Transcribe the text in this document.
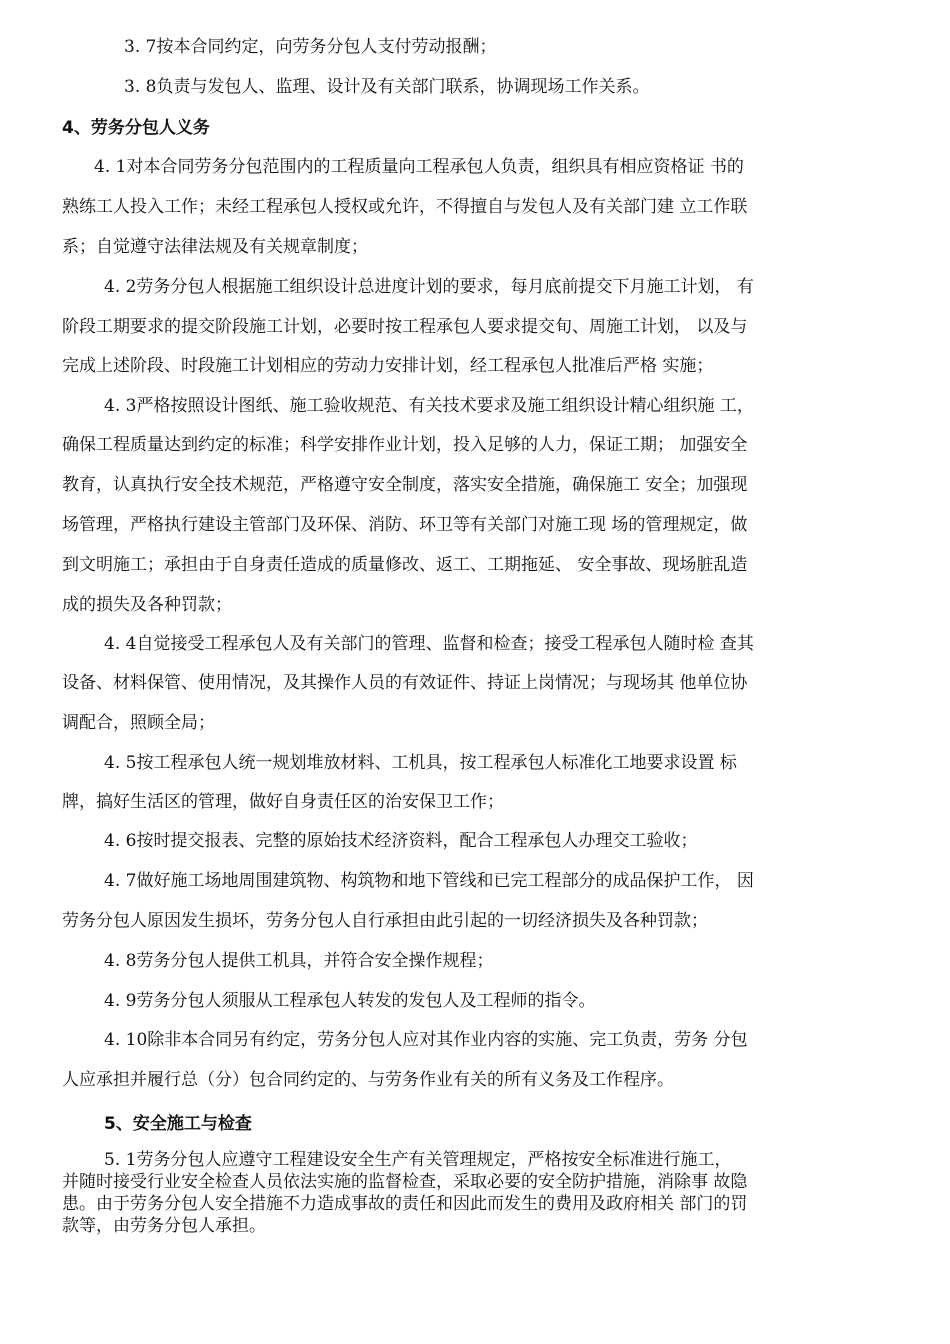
3. 7按本合同约定，向劳务分包人支付劳动报酬；
3. 8负责与发包人、监理、设计及有关部门联系，协调现场工作关系。
4、劳务分包人义务
4. 1对本合同劳务分包范围内的工程质量向工程承包人负责，组织具有相应资格证 书的
熟练工人投入工作；未经工程承包人授权或允许，不得擅自与发包人及有关部门建 立工作联
系；自觉遵守法律法规及有关规章制度；
4. 2劳务分包人根据施工组织设计总进度计划的要求，每月底前提交下月施工计划， 有
阶段工期要求的提交阶段施工计划，必要时按工程承包人要求提交旬、周施工计划， 以及与
完成上述阶段、时段施工计划相应的劳动力安排计划，经工程承包人批准后严格 实施；
4. 3严格按照设计图纸、施工验收规范、有关技术要求及施工组织设计精心组织施 工，
确保工程质量达到约定的标准；科学安排作业计划，投入足够的人力，保证工期； 加强安全
教育，认真执行安全技术规范，严格遵守安全制度，落实安全措施，确保施工 安全；加强现
场管理，严格执行建设主管部门及环保、消防、环卫等有关部门对施工现 场的管理规定，做
到文明施工；承担由于自身责任造成的质量修改、返工、工期拖延、 安全事故、现场脏乱造
成的损失及各种罚款；
4. 4自觉接受工程承包人及有关部门的管理、监督和检查；接受工程承包人随时检 查其
设备、材料保管、使用情况，及其操作人员的有效证件、持证上岗情况；与现场其 他单位协
调配合，照顾全局；
4. 5按工程承包人统一规划堆放材料、工机具，按工程承包人标准化工地要求设置 标
牌，搞好生活区的管理，做好自身责任区的治安保卫工作；
4. 6按时提交报表、完整的原始技术经济资料，配合工程承包人办理交工验收；
4. 7做好施工场地周围建筑物、构筑物和地下管线和已完工程部分的成品保护工作， 因
劳务分包人原因发生损坏，劳务分包人自行承担由此引起的一切经济损失及各种罚款；
4. 8劳务分包人提供工机具，并符合安全操作规程；
4. 9劳务分包人须服从工程承包人转发的发包人及工程师的指令。
4. 10除非本合同另有约定，劳务分包人应对其作业内容的实施、完工负责，劳务 分包
人应承担并履行总（分）包合同约定的、与劳务作业有关的所有义务及工作程序。
5、安全施工与检查
5. 1劳务分包人应遵守工程建设安全生产有关管理规定，严格按安全标准进行施工，
并随时接受行业安全检查人员依法实施的监督检查，采取必要的安全防护措施，消除事 故隐
患。由于劳务分包人安全措施不力造成事故的责任和因此而发生的费用及政府相关 部门的罚
款等，由劳务分包人承担。
